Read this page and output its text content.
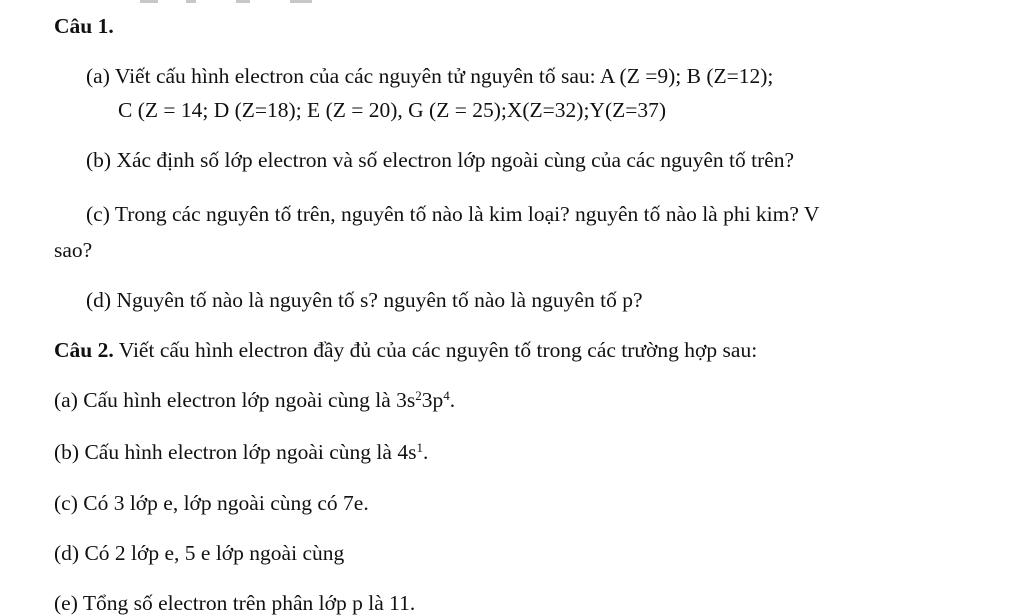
Câu 1.
(a) Viết cấu hình electron của các nguyên tử nguyên tố sau: A (Z =9); B (Z=12);
C (Z = 14; D (Z=18); E (Z = 20), G (Z = 25);X(Z=32);Y(Z=37)
(b) Xác định số lớp electron và số electron lớp ngoài cùng của các nguyên tố trên?
(c) Trong các nguyên tố trên, nguyên tố nào là kim loại? nguyên tố nào là phi kim? V
sao?
(d) Nguyên tố nào là nguyên tố s? nguyên tố nào là nguyên tố p?
Câu 2. Viết cấu hình electron đầy đủ của các nguyên tố trong các trường hợp sau:
(a) Cấu hình electron lớp ngoài cùng là $3s^23p^4$.
(b) Cấu hình electron lớp ngoài cùng là $4s^1$.
(c) Có 3 lớp e, lớp ngoài cùng có 7e.
(d) Có 2 lớp e, 5 e lớp ngoài cùng
(e) Tổng số electron trên phân lớp p là 11.
